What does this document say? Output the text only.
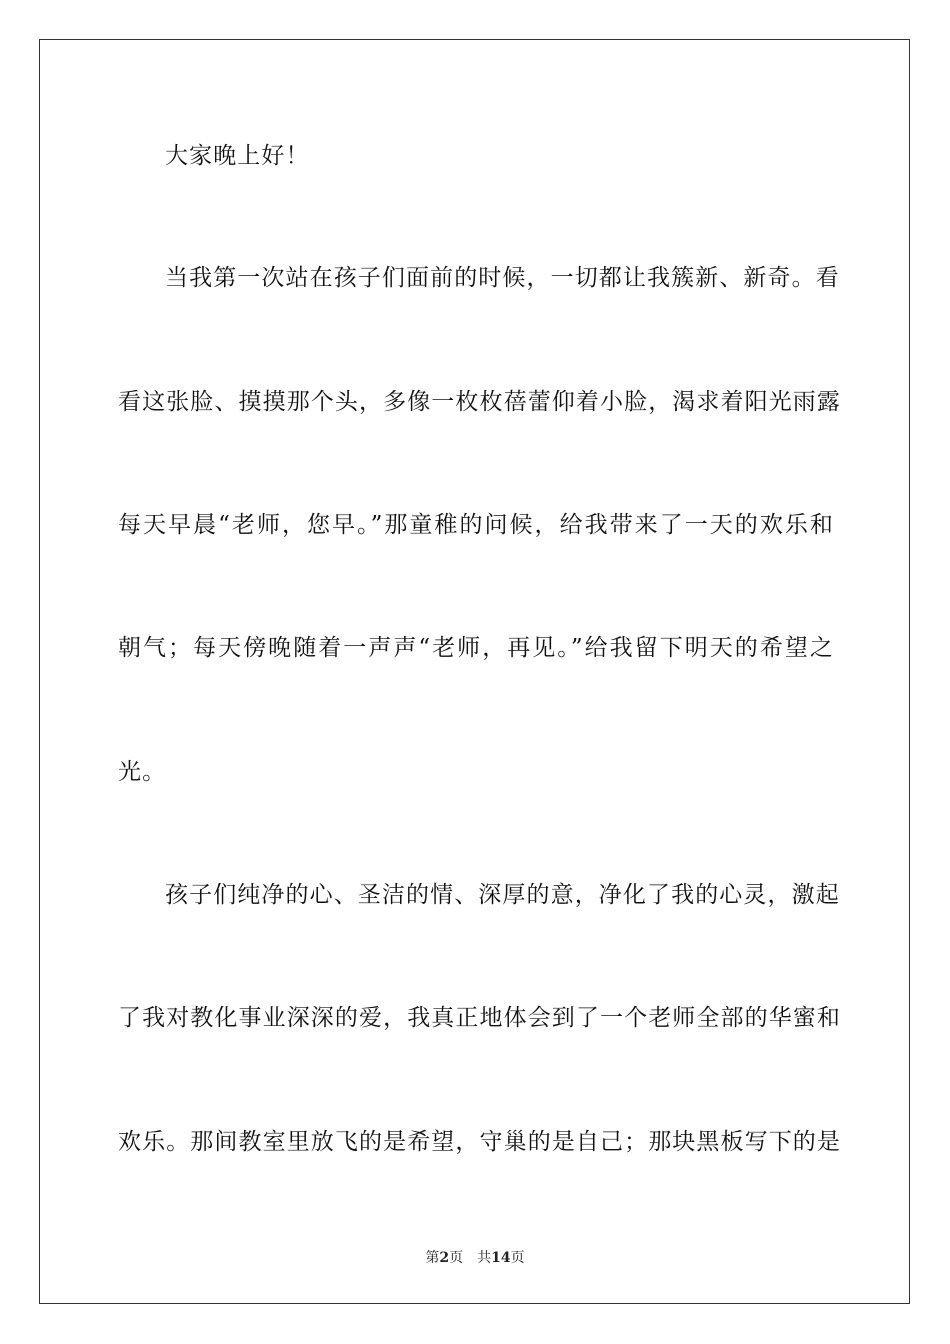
大家晚上好！
当我第一次站在孩子们面前的时候，一切都让我簇新、新奇。看
看这张脸、摸摸那个头，多像一枚枚蓓蕾仰着小脸，渴求着阳光雨露
每天早晨“老师，您早。”那童稚的问候，给我带来了一天的欢乐和
朝气；每天傍晚随着一声声“老师，再见。”给我留下明天的希望之
光。
孩子们纯净的心、圣洁的情、深厚的意，净化了我的心灵，激起
了我对教化事业深深的爱，我真正地体会到了一个老师全部的华蜜和
欢乐。那间教室里放飞的是希望，守巢的是自己；那块黑板写下的是
第2页 共14页
